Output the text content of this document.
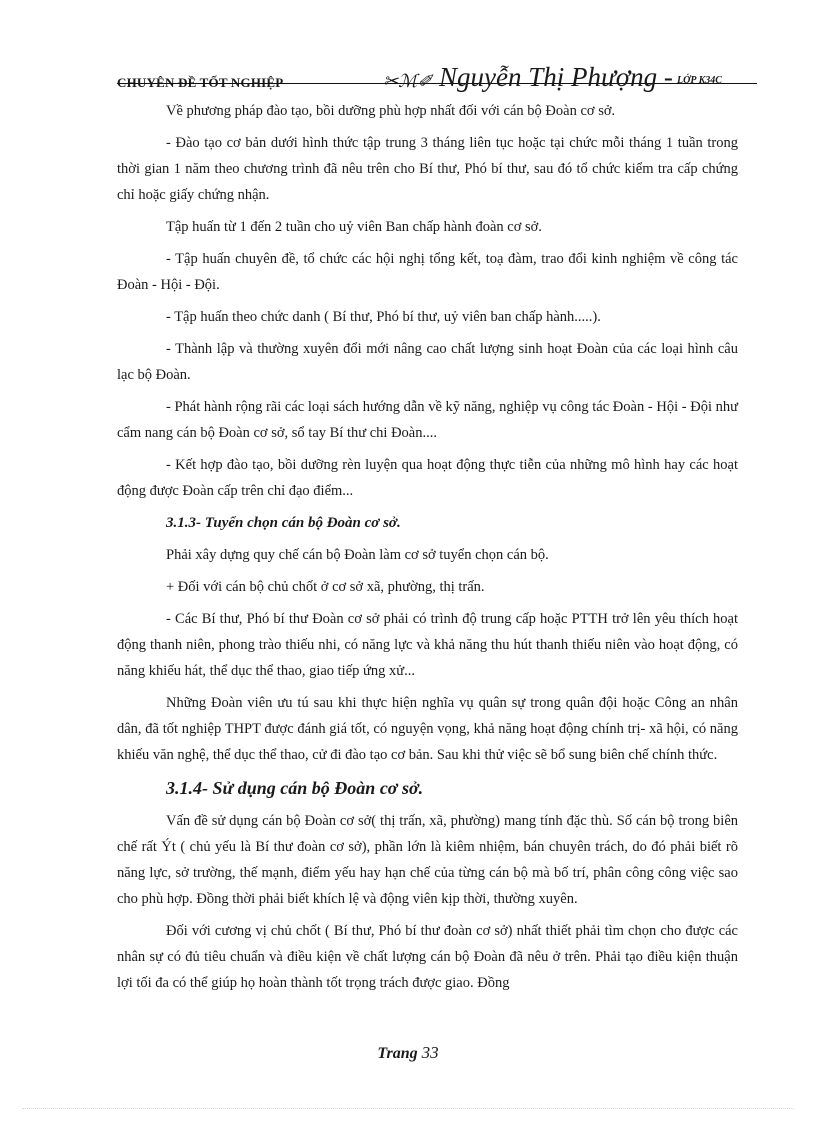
CHUYÊN ĐỀ TỐT NGHIỆP	✂ℳ✐ Nguyễn Thị Phượng - LỚP K34C

Về phương pháp đào tạo, bồi dưỡng phù hợp nhất đối với cán bộ Đoàn cơ sở.

- Đào tạo cơ bản dưới hình thức tập trung 3 tháng liên tục hoặc tại chức mỗi tháng 1 tuần trong thời gian 1 năm theo chương trình đã nêu trên cho Bí thư, Phó bí thư, sau đó tổ chức kiểm tra cấp chứng chỉ hoặc giấy chứng nhận.

Tập huấn từ 1 đến 2 tuần cho uỷ viên Ban chấp hành đoàn cơ sở.

- Tập huấn chuyên đề, tổ chức các hội nghị tổng kết, toạ đàm, trao đổi kinh nghiệm về công tác Đoàn - Hội - Đội.

- Tập huấn theo chức danh ( Bí thư, Phó bí thư, uỷ viên ban chấp hành.....).

- Thành lập và thường xuyên đổi mới nâng cao chất lượng sinh hoạt Đoàn của các loại hình câu lạc bộ Đoàn.

- Phát hành rộng rãi các loại sách hướng dẫn về kỹ năng, nghiệp vụ công tác Đoàn - Hội - Đội như cẩm nang cán bộ Đoàn cơ sở, sổ tay Bí thư chi Đoàn....

- Kết hợp đào tạo, bồi dưỡng rèn luyện qua hoạt động thực tiễn của những mô hình hay các hoạt động được Đoàn cấp trên chỉ đạo điểm...

3.1.3- Tuyển chọn cán bộ Đoàn cơ sở.

Phải xây dựng quy chế cán bộ Đoàn làm cơ sở tuyển chọn cán bộ.

+ Đối với cán bộ chủ chốt ở cơ sở xã, phường, thị trấn.

- Các Bí thư, Phó bí thư Đoàn cơ sở phải có trình độ trung cấp hoặc PTTH trở lên yêu thích hoạt động thanh niên, phong trào thiếu nhi, có năng lực và khả năng thu hút thanh thiếu niên vào hoạt động, có năng khiếu hát, thể dục thể thao, giao tiếp ứng xử...

Những Đoàn viên ưu tú sau khi thực hiện nghĩa vụ quân sự trong quân đội hoặc Công an nhân dân, đã tốt nghiệp THPT được đánh giá tốt, có nguyện vọng, khả năng hoạt động chính trị- xã hội, có năng khiếu văn nghệ, thể dục thể thao, cử đi đào tạo cơ bản. Sau khi thử việc sẽ bổ sung biên chế chính thức.

3.1.4- Sử dụng cán bộ Đoàn cơ sở.

Vấn đề sử dụng cán bộ Đoàn cơ sở( thị trấn, xã, phường) mang tính đặc thù. Số cán bộ trong biên chế rất Ýt ( chủ yếu là Bí thư đoàn cơ sở), phần lớn là kiêm nhiệm, bán chuyên trách, do đó phải biết rõ năng lực, sở trường, thế mạnh, điểm yếu hay hạn chế của từng cán bộ mà bố trí, phân công công việc sao cho phù hợp. Đồng thời phải biết khích lệ và động viên kịp thời, thường xuyên.

Đối với cương vị chủ chốt ( Bí thư, Phó bí thư đoàn cơ sở) nhất thiết phải tìm chọn cho được các nhân sự có đủ tiêu chuẩn và điều kiện về chất lượng cán bộ Đoàn đã nêu ở trên. Phải tạo điều kiện thuận lợi tối đa có thể giúp họ hoàn thành tốt trọng trách được giao. Đồng

Trang 33
